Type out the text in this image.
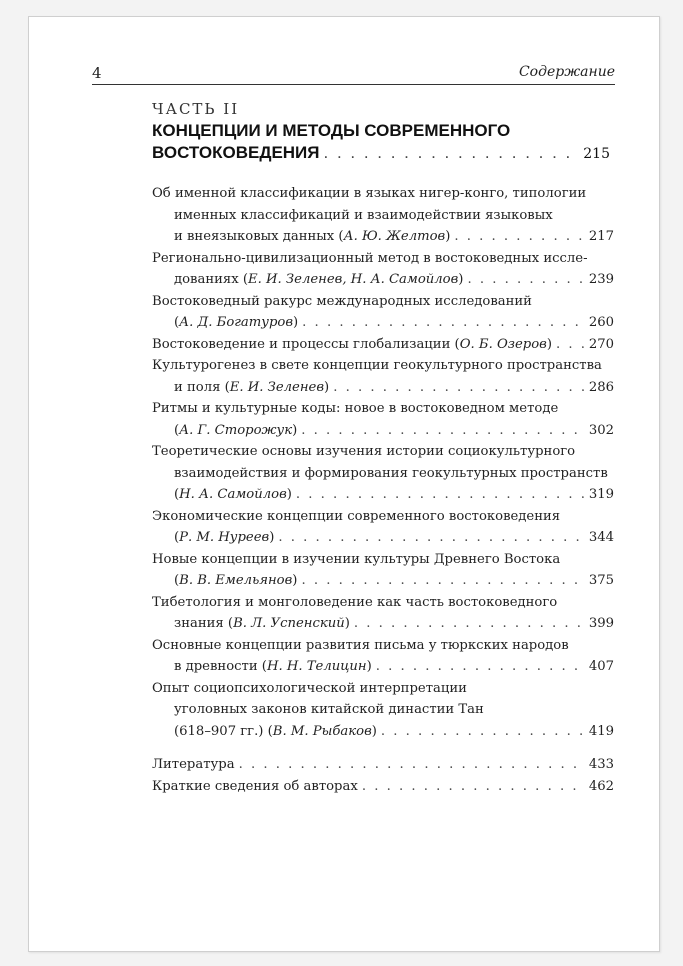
4	Содержание
ЧАСТЬ II
КОНЦЕПЦИИ И МЕТОДЫ СОВРЕМЕННОГО
ВОСТОКОВЕДЕНИЯ . . .	215
Об именной классификации в языках нигер-конго, типологии
именных классификаций и взаимодействии языковых
и внеязыковых данных (А. Ю. Желтов) . . .	217
Регионально-цивилизационный метод в востоковедных иссле-
дованиях (Е. И. Зеленев, Н. А. Самойлов) . . .	239
Востоковедный ракурс международных исследований
(А. Д. Богатуров) . . .	260
Востоковедение и процессы глобализации (О. Б. Озеров) . . .	270
Культурогенез в свете концепции геокультурного пространства
и поля (Е. И. Зеленев) . . .	286
Ритмы и культурные коды: новое в востоковедном методе
(А. Г. Сторожук) . . .	302
Теоретические основы изучения истории социокультурного
взаимодействия и формирования геокультурных пространств
(Н. А. Самойлов) . . .	319
Экономические концепции современного востоковедения
(Р. М. Нуреев) . . .	344
Новые концепции в изучении культуры Древнего Востока
(В. В. Емельянов) . . .	375
Тибетология и монголоведение как часть востоковедного
знания (В. Л. Успенский) . . .	399
Основные концепции развития письма у тюркских народов
в древности (Н. Н. Телицин) . . .	407
Опыт социопсихологической интерпретации
уголовных законов китайской династии Тан
(618–907 гг.) (В. М. Рыбаков) . . .	419
Литература . . .	433
Краткие сведения об авторах . . .	462
